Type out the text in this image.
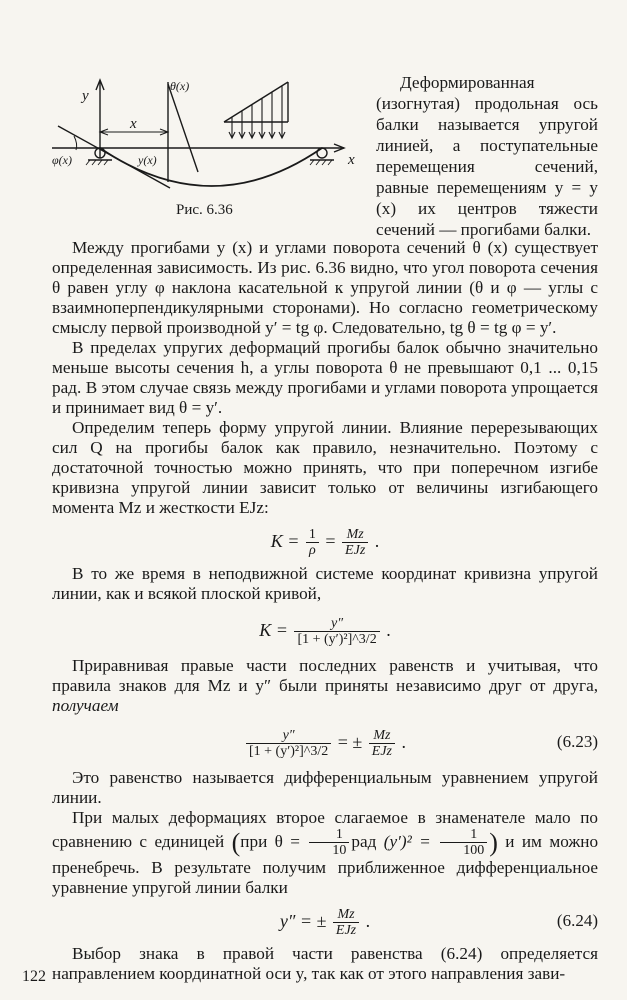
y
x
x
θ(x)
φ(x)	y(x)
Рис. 6.36

Деформированная (изогнутая) продольная ось балки называется упругой линией, а поступательные перемещения сечений, равные перемещениям y = y (x) их центров тяжести сечений — прогибами балки.

Между прогибами y (x) и углами поворота сечений θ (x) существует определенная зависимость. Из рис. 6.36 видно, что угол поворота сечения θ равен углу φ наклона касательной к упругой линии (θ и φ — углы с взаимноперпендикулярными сторонами). Но согласно геометрическому смыслу первой производной y′ = tg φ. Следовательно, tg θ = tg φ = y′.

В пределах упругих деформаций прогибы балок обычно значительно меньше высоты сечения h, а углы поворота θ не превышают 0,1 ... 0,15 рад. В этом случае связь между прогибами и углами поворота упрощается и принимает вид θ = y′.

Определим теперь форму упругой линии. Влияние перерезывающих сил Q на прогибы балок как правило, незначительно. Поэтому с достаточной точностью можно принять, что при поперечном изгибе кривизна упругой линии зависит только от величины изгибающего момента Mz и жесткости EJz:

$K = \frac{1}{\rho} = \frac{Mz}{\text{EJz}}$ .

В то же время в неподвижной системе координат кривизна упругой линии, как и всякой плоской кривой,

$K = \frac{y''}{\text{[1 + (y′)²]\textasciicircum{}3/2}}$ .

Приравнивая правые части последних равенств и учитывая, что правила знаков для Mz и y″ были приняты независимо друг от друга, получаем

$\frac{y''}{\text{[1 + (y′)²]\textasciicircum{}3/2}}$ = ± $\frac{Mz}{\text{EJz}}$ .	(6.23)

Это равенство называется дифференциальным уравнением упругой линии.

При малых деформациях второе слагаемое в знаменателе мало по сравнению с единицей (при $\theta = \frac{1}{10}$ рад $(y')^2 = \frac{1}{100}$ ) и им можно пренебречь. В результате получим приближенное дифференциальное уравнение упругой линии балки

y″ = ± $\frac{Mz}{\text{EJz}}$ .	(6.24)

Выбор знака в правой части равенства (6.24) определяется направлением координатной оси y, так как от этого направления зави-

122
